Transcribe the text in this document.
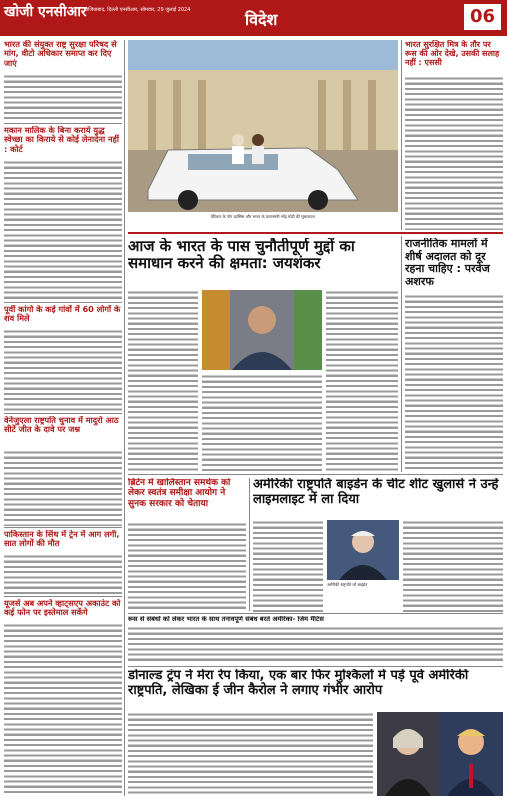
खोजी एनसीआर
गाजियाबाद, दिल्ली एनसीआर, सोमवार, 29 जुलाई 2024	विदेश	06
भारत की संयुक्त राष्ट्र सुरक्षा परिषद से मांग, वीटो अधिकार समाप्त कर दिए जाएं
मकान मालिक के बिना कराये युद्ध स्वेच्छा का किराये से कोई लेनादेना नहीं : कोर्ट
पूर्वी कांगो के कई गांवों में 60 लोगों के शव मिले
वेनेजुएला राष्ट्रपति चुनाव में मादुरो आठ सीटें जीत के दावे पर जश्न
पाकिस्तान के सिंध में ट्रेन में आग लगी, सात लोगों की मौत
यूजर्स अब अपने व्हाट्सएप अकाउंट को कई फोन पर इस्तेमाल सकेंगे
वेटिकन के पोप फ्रांसिस और भारत के प्रधानमंत्री नरेंद्र मोदी की मुलाकात।
भारत सुरक्षित मित्र के तौर पर रूस की ओर देखे, उसकी सलाह नहीं : एससी
आज के भारत के पास चुनौतीपूर्ण मुद्दों का समाधान करने की क्षमता: जयशंकर
राजनीतिक मामलों में शीर्ष अदालत को दूर रहना चाहिए : परवेज अशरफ
ब्रिटेन में खालिस्तान समर्थक को लेकर स्वतंत्र समीक्षा आयोग ने सुनक सरकार को चेताया
अमेरिकी राष्ट्रपति बाइडेन के चीट शीट खुलासे ने उन्हें लाइमलाइट में ला दिया
अमेरिकी राष्ट्रपति जो बाइडेन
रूस से संबंधों को लेकर भारत के साथ तनावपूर्ण संबंध बरते अमेरिका- जिम मैटिस
डोनाल्ड ट्रंप ने मेरा रेप किया, एक बार फिर मुश्किलों में पड़े पूर्व अमेरिकी राष्ट्रपति, लेखिका ई जीन कैरोल ने लगाए गंभीर आरोप
